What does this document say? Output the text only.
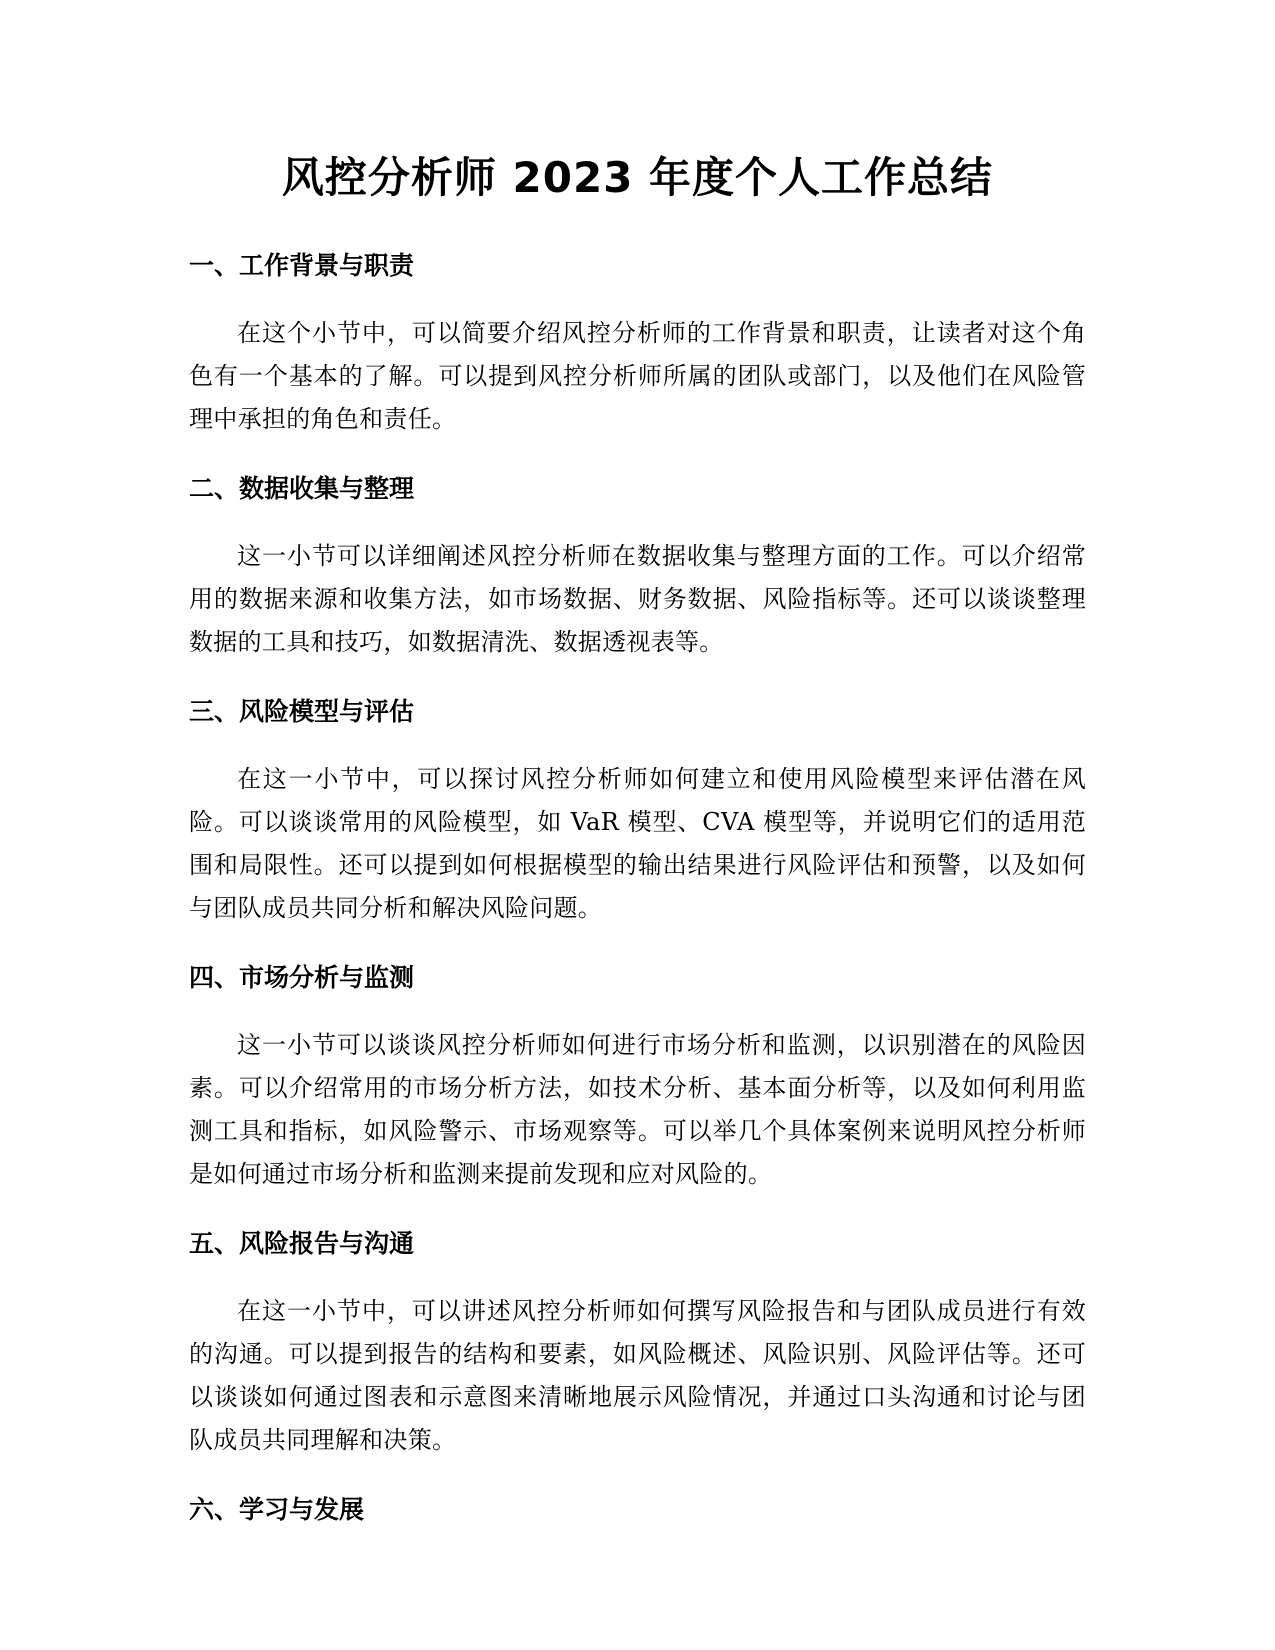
风控分析师 2023 年度个人工作总结
一、工作背景与职责

在这个小节中，可以简要介绍风控分析师的工作背景和职责，让读者对这个角色有一个基本的了解。可以提到风控分析师所属的团队或部门，以及他们在风险管理中承担的角色和责任。

二、数据收集与整理

这一小节可以详细阐述风控分析师在数据收集与整理方面的工作。可以介绍常用的数据来源和收集方法，如市场数据、财务数据、风险指标等。还可以谈谈整理数据的工具和技巧，如数据清洗、数据透视表等。

三、风险模型与评估

在这一小节中，可以探讨风控分析师如何建立和使用风险模型来评估潜在风险。可以谈谈常用的风险模型，如 VaR 模型、CVA 模型等，并说明它们的适用范围和局限性。还可以提到如何根据模型的输出结果进行风险评估和预警，以及如何与团队成员共同分析和解决风险问题。

四、市场分析与监测

这一小节可以谈谈风控分析师如何进行市场分析和监测，以识别潜在的风险因素。可以介绍常用的市场分析方法，如技术分析、基本面分析等，以及如何利用监测工具和指标，如风险警示、市场观察等。可以举几个具体案例来说明风控分析师是如何通过市场分析和监测来提前发现和应对风险的。

五、风险报告与沟通

在这一小节中，可以讲述风控分析师如何撰写风险报告和与团队成员进行有效的沟通。可以提到报告的结构和要素，如风险概述、风险识别、风险评估等。还可以谈谈如何通过图表和示意图来清晰地展示风险情况，并通过口头沟通和讨论与团队成员共同理解和决策。

六、学习与发展
